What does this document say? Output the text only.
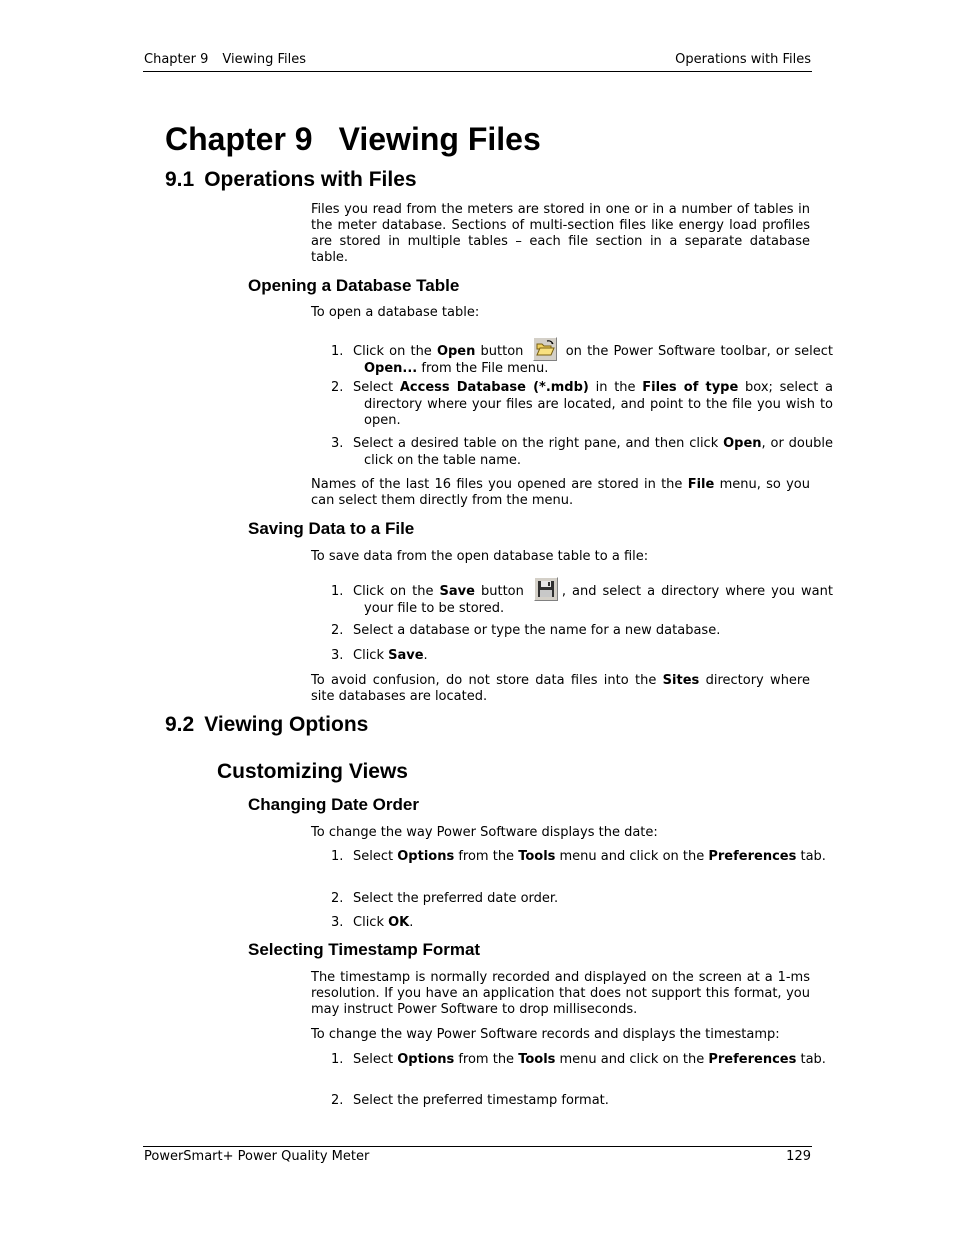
Chapter 9 Viewing Files	Operations with Files
Chapter 9 Viewing Files
9.1 Operations with Files

Files you read from the meters are stored in one or in a number of tables in the meter database. Sections of multi-section files like energy load profiles are stored in multiple tables – each file section in a separate database table.

Opening a Database Table

To open a database table:

1. Click on the Open button
on the Power Software toolbar, or select Open... from the File menu.

2. Select Access Database (*.mdb) in the Files of type box; select a directory where your files are located, and point to the file you wish to open.

3. Select a desired table on the right pane, and then click Open, or double click on the table name.

Names of the last 16 files you opened are stored in the File menu, so you can select them directly from the menu.

Saving Data to a File

To save data from the open database table to a file:

1. Click on the Save button
, and select a directory where you want your file to be stored.

2. Select a database or type the name for a new database.

3. Click Save.

To avoid confusion, do not store data files into the Sites directory where site databases are located.

9.2 Viewing Options
Customizing Views
Changing Date Order

To change the way Power Software displays the date:

1. Select Options from the Tools menu and click on the Preferences tab.

2. Select the preferred date order.

3. Click OK.

Selecting Timestamp Format

The timestamp is normally recorded and displayed on the screen at a 1-ms resolution. If you have an application that does not support this format, you may instruct Power Software to drop milliseconds.

To change the way Power Software records and displays the timestamp:

1. Select Options from the Tools menu and click on the Preferences tab.

2. Select the preferred timestamp format.

PowerSmart+ Power Quality Meter	129
